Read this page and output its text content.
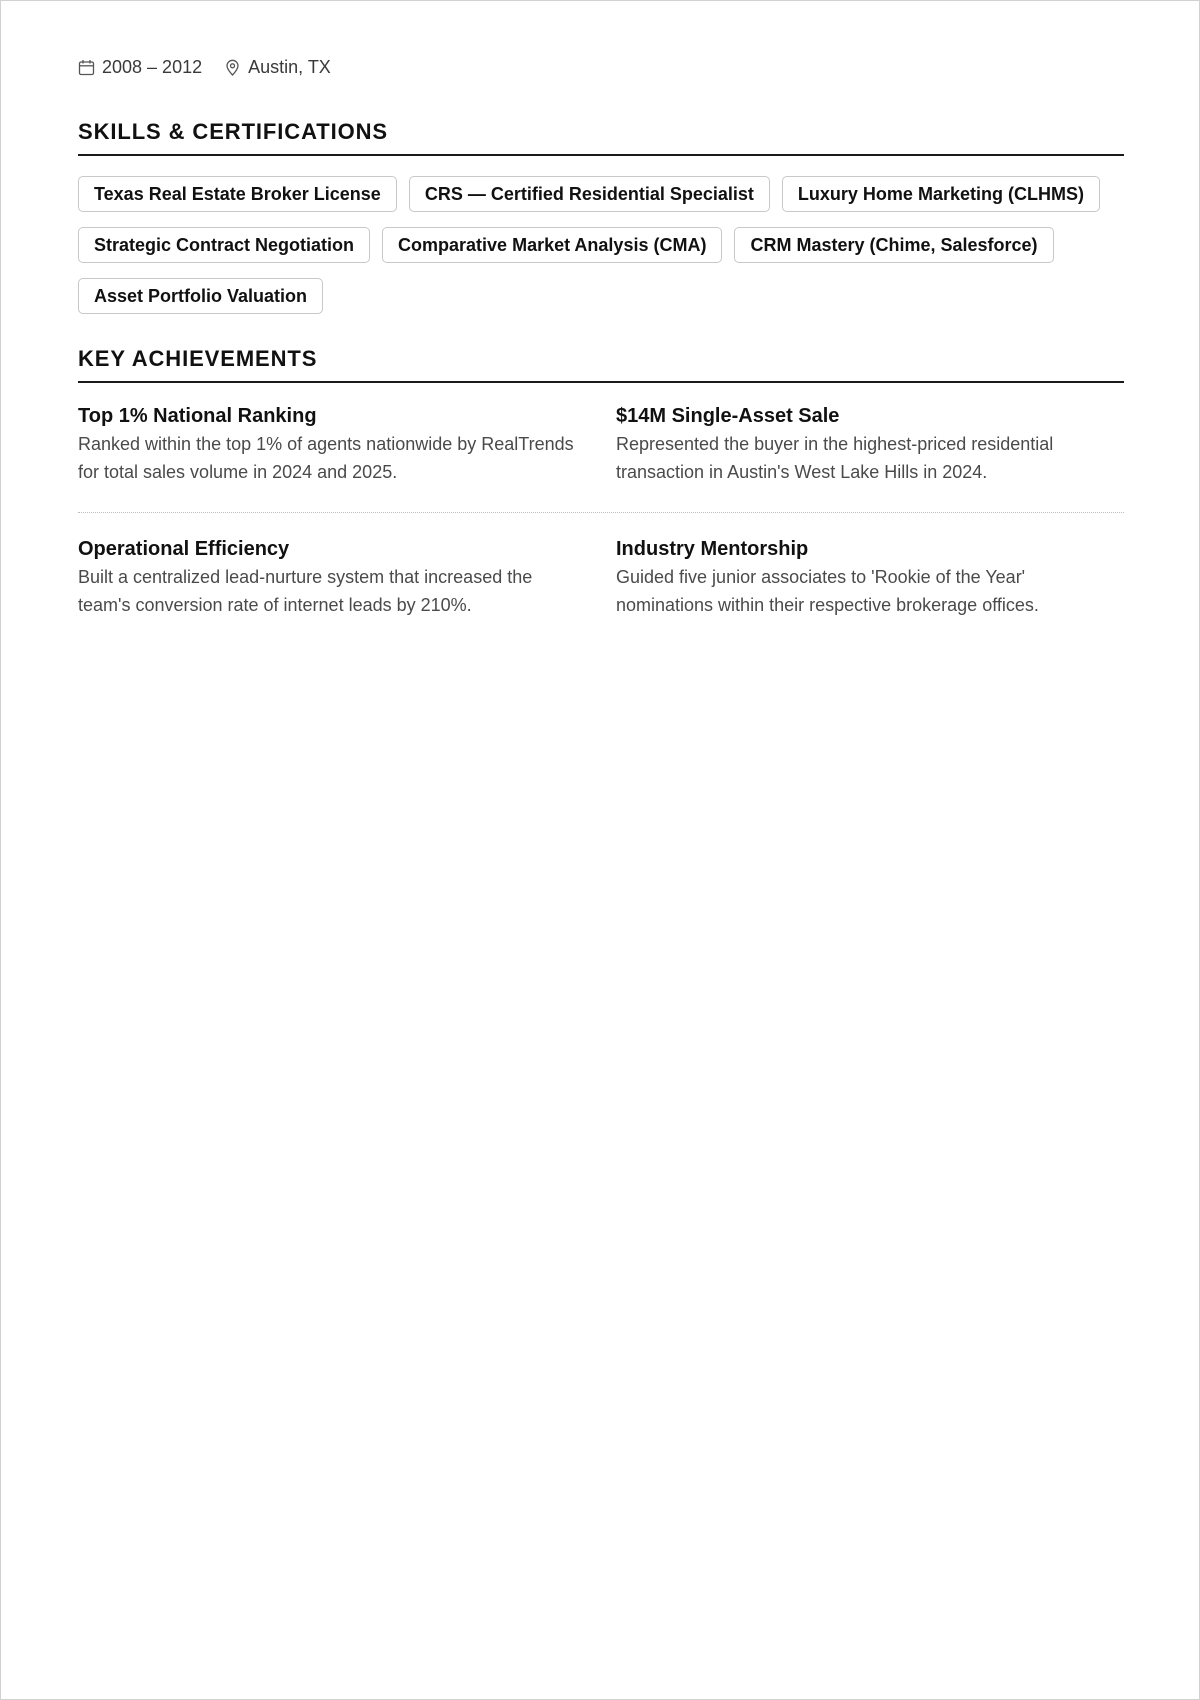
2008 – 2012	Austin, TX
SKILLS & CERTIFICATIONS
Texas Real Estate Broker License	CRS — Certified Residential Specialist	Luxury Home Marketing (CLHMS)
Strategic Contract Negotiation	Comparative Market Analysis (CMA)	CRM Mastery (Chime, Salesforce)
Asset Portfolio Valuation
KEY ACHIEVEMENTS
Top 1% National Ranking
Ranked within the top 1% of agents nationwide by RealTrends for total sales volume in 2024 and 2025.
$14M Single-Asset Sale
Represented the buyer in the highest-priced residential transaction in Austin's West Lake Hills in 2024.
Operational Efficiency
Built a centralized lead-nurture system that increased the team's conversion rate of internet leads by 210%.
Industry Mentorship
Guided five junior associates to 'Rookie of the Year' nominations within their respective brokerage offices.
